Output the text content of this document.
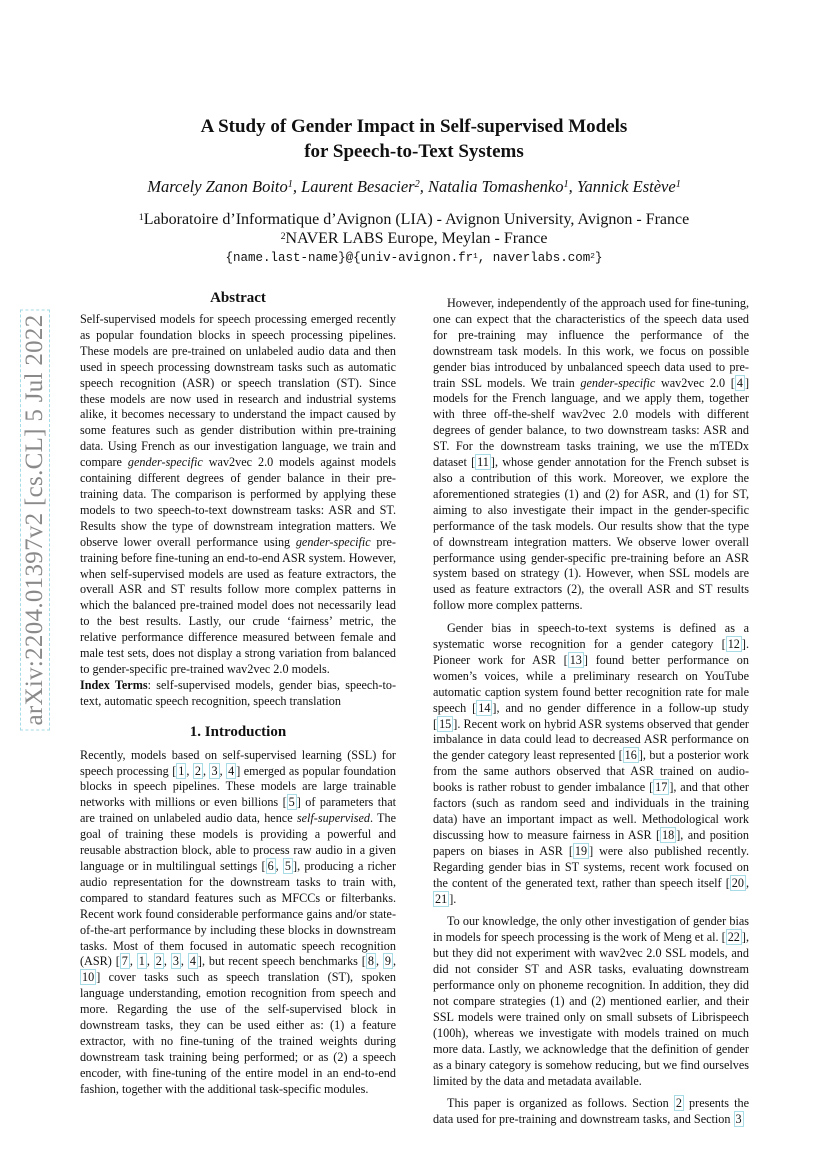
arXiv:2204.01397v2 [cs.CL] 5 Jul 2022
A Study of Gender Impact in Self-supervised Models
for Speech-to-Text Systems
Marcely Zanon Boito$^1$, Laurent Besacier$^2$, Natalia Tomashenko$^1$, Yannick Estève$^1$
$^1$Laboratoire d’Informatique d’Avignon (LIA) - Avignon University, Avignon - France
$^2$NAVER LABS Europe, Meylan - France
$\{name.last-name\}@\{univ-avignon.fr^1$, naverlabs.com$^2$}
Abstract

Self-supervised models for speech processing emerged recently as popular foundation blocks in speech processing pipelines. These models are pre-trained on unlabeled audio data and then used in speech processing downstream tasks such as automatic speech recognition (ASR) or speech translation (ST). Since these models are now used in research and industrial systems alike, it becomes necessary to understand the impact caused by some features such as gender distribution within pre-training data. Using French as our investigation language, we train and compare gender-specific wav2vec 2.0 models against models containing different degrees of gender balance in their pre-training data. The comparison is performed by applying these models to two speech-to-text downstream tasks: ASR and ST. Results show the type of downstream integration matters. We observe lower overall performance using gender-specific pre-training before fine-tuning an end-to-end ASR system. However, when self-supervised models are used as feature extractors, the overall ASR and ST results follow more complex patterns in which the balanced pre-trained model does not necessarily lead to the best results. Lastly, our crude ‘fairness’ metric, the relative performance difference measured between female and male test sets, does not display a strong variation from balanced to gender-specific pre-trained wav2vec 2.0 models.

Index Terms: self-supervised models, gender bias, speech-to-text, automatic speech recognition, speech translation

1. Introduction

Recently, models based on self-supervised learning (SSL) for speech processing [ 1 , 2 , 3 , 4 ] emerged as popular foundation blocks in speech pipelines. These models are large trainable networks with millions or even billions [ 5 ] of parameters that are trained on unlabeled audio data, hence self-supervised. The goal of training these models is providing a powerful and reusable abstraction block, able to process raw audio in a given language or in multilingual settings [ 6 , 5 ], producing a richer audio representation for the downstream tasks to train with, compared to standard features such as MFCCs or filterbanks. Recent work found considerable performance gains and/or state-of-the-art performance by including these blocks in downstream tasks. Most of them focused in automatic speech recognition (ASR) [ 7 , 1 , 2 , 3 , 4 ], but recent speech benchmarks [ 8 , 9 , 10 ] cover tasks such as speech translation (ST), spoken language understanding, emotion recognition from speech and more. Regarding the use of the self-supervised block in downstream tasks, they can be used either as: (1) a feature extractor, with no fine-tuning of the trained weights during downstream task training being performed; or as (2) a speech encoder, with fine-tuning of the entire model in an end-to-end fashion, together with the additional task-specific modules.

However, independently of the approach used for fine-tuning, one can expect that the characteristics of the speech data used for pre-training may influence the performance of the downstream task models. In this work, we focus on possible gender bias introduced by unbalanced speech data used to pre-train SSL models. We train gender-specific wav2vec 2.0 [ 4 ] models for the French language, and we apply them, together with three off-the-shelf wav2vec 2.0 models with different degrees of gender balance, to two downstream tasks: ASR and ST. For the downstream tasks training, we use the mTEDx dataset [ 11 ], whose gender annotation for the French subset is also a contribution of this work. Moreover, we explore the aforementioned strategies (1) and (2) for ASR, and (1) for ST, aiming to also investigate their impact in the gender-specific performance of the task models. Our results show that the type of downstream integration matters. We observe lower overall performance using gender-specific pre-training before an ASR system based on strategy (1). However, when SSL models are used as feature extractors (2), the overall ASR and ST results follow more complex patterns.

Gender bias in speech-to-text systems is defined as a systematic worse recognition for a gender category [ 12 ]. Pioneer work for ASR [ 13 ] found better performance on women’s voices, while a preliminary research on YouTube automatic caption system found better recognition rate for male speech [ 14 ], and no gender difference in a follow-up study [ 15 ]. Recent work on hybrid ASR systems observed that gender imbalance in data could lead to decreased ASR performance on the gender category least represented [ 16 ], but a posterior work from the same authors observed that ASR trained on audio-books is rather robust to gender imbalance [ 17 ], and that other factors (such as random seed and individuals in the training data) have an important impact as well. Methodological work discussing how to measure fairness in ASR [ 18 ], and position papers on biases in ASR [ 19 ] were also published recently. Regarding gender bias in ST systems, recent work focused on the content of the generated text, rather than speech itself [ 20 , 21 ].

To our knowledge, the only other investigation of gender bias in models for speech processing is the work of Meng et al. [ 22 ], but they did not experiment with wav2vec 2.0 SSL models, and did not consider ST and ASR tasks, evaluating downstream performance only on phoneme recognition. In addition, they did not compare strategies (1) and (2) mentioned earlier, and their SSL models were trained only on small subsets of Librispeech (100h), whereas we investigate with models trained on much more data. Lastly, we acknowledge that the definition of gender as a binary category is somehow reducing, but we find ourselves limited by the data and metadata available.

This paper is organized as follows. Section 2 presents the data used for pre-training and downstream tasks, and Section 3
